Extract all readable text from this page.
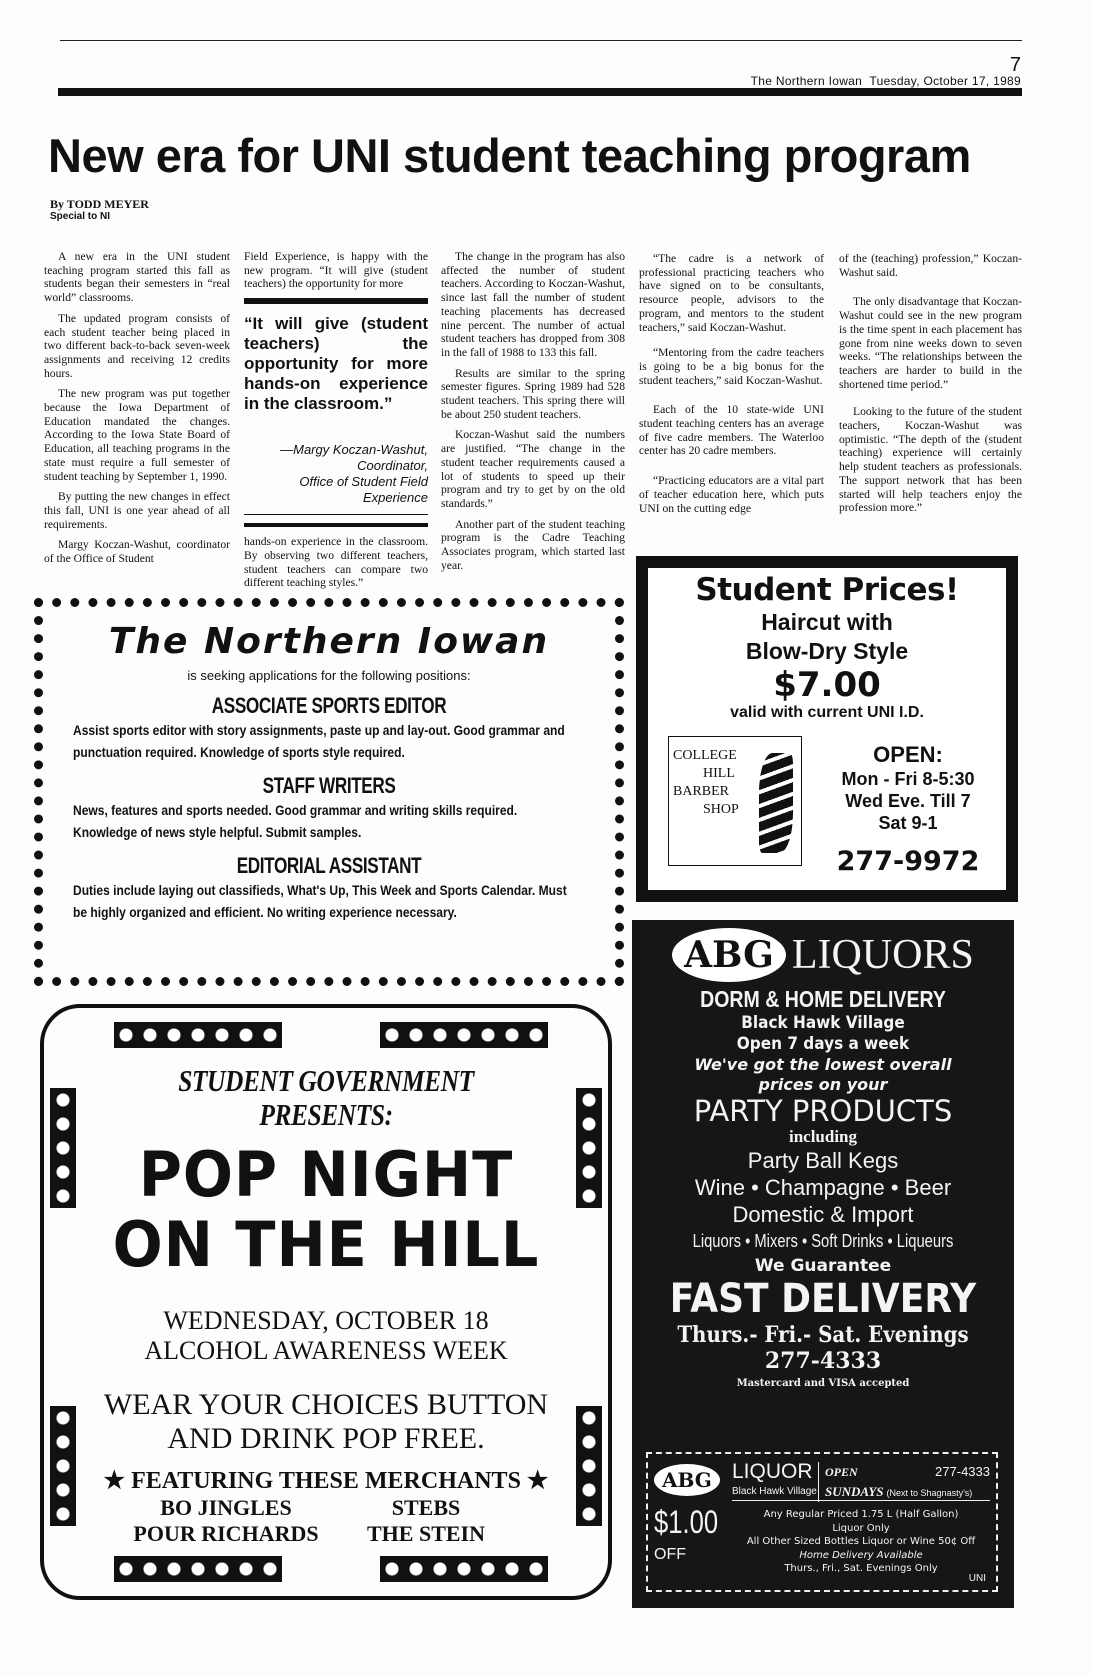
7
The Northern Iowan Tuesday, October 17, 1989
New era for UNI student teaching program
By TODD MEYER
Special to NI

A new era in the UNI student teaching program started this fall as students began their semesters in “real world” classrooms.

The updated program consists of each student teacher being placed in two different back-to-back seven-week assignments and receiving 12 credits hours.

The new program was put together because the Iowa Department of Education mandated the changes. According to the Iowa State Board of Education, all teaching programs in the state must require a full semester of student teaching by September 1, 1990.

By putting the new changes in effect this fall, UNI is one year ahead of all requirements.

Margy Koczan-Washut, coordinator of the Office of Student

Field Experience, is happy with the new program. “It will give (student teachers) the opportunity for more

“It will give (student teachers) the opportunity for more hands-on experience in the classroom.”
—Margy Koczan-Washut,
Coordinator,
Office of Student Field
Experience

hands-on experience in the classroom. By observing two different teachers, student teachers can compare two different teaching styles.”

The change in the program has also affected the number of student teachers. According to Koczan-Washut, since last fall the number of student teaching placements has decreased nine percent. The number of actual student teachers has dropped from 308 in the fall of 1988 to 133 this fall.

Results are similar to the spring semester figures. Spring 1989 had 528 student teachers. This spring there will be about 250 student teachers.

Koczan-Washut said the numbers are justified. “The change in the student teacher requirements caused a lot of students to speed up their program and try to get by on the old standards.”

Another part of the student teaching program is the Cadre Teaching Associates program, which started last year.

“The cadre is a network of professional practicing teachers who have signed on to be consultants, resource people, advisors to the program, and mentors to the student teachers,” said Koczan-Washut.

“Mentoring from the cadre teachers is going to be a big bonus for the student teachers,” said Koczan-Washut.

Each of the 10 state-wide UNI student teaching centers has an average of five cadre members. The Waterloo center has 20 cadre members.

“Practicing educators are a vital part of teacher education here, which puts UNI on the cutting edge

of the (teaching) profession,” Koczan-Washut said.

The only disadvantage that Koczan-Washut could see in the new program is the time spent in each placement has gone from nine weeks down to seven weeks. “The relationships between the teachers are harder to build in the shortened time period.”

Looking to the future of the student teachers, Koczan-Washut was optimistic. “The depth of the (student teaching) experience will certainly help student teachers as professionals. The support network that has been started will help teachers enjoy the profession more.”

The Northern Iowan
is seeking applications for the following positions:
ASSOCIATE SPORTS EDITOR
Assist sports editor with story assignments, paste up and lay-out. Good grammar and punctuation required. Knowledge of sports style required.
STAFF WRITERS
News, features and sports needed. Good grammar and writing skills required. Knowledge of news style helpful. Submit samples.
EDITORIAL ASSISTANT
Duties include laying out classifieds, What's Up, This Week and Sports Calendar. Must be highly organized and efficient. No writing experience necessary.
Student Prices!
Haircut with
Blow-Dry Style
$7.00
valid with current UNI I.D.
COLLEGE
HILL
BARBER
SHOP
OPEN:
Mon - Fri 8-5:30
Wed Eve. Till 7
Sat 9-1
277-9972
ABG LIQUORS
DORM & HOME DELIVERY
Black Hawk Village
Open 7 days a week
We've got the lowest overall
prices on your
PARTY PRODUCTS
including
Party Ball Kegs
Wine • Champagne • Beer
Domestic & Import
Liquors • Mixers • Soft Drinks • Liqueurs
We Guarantee
FAST DELIVERY
Thurs.- Fri.- Sat. Evenings
277-4333
Mastercard and VISA accepted
ABG LIQUOR
Black Hawk Village
OPEN
SUNDAYS (Next to Shagnasty's)
277-4333
$1.00
OFF
Any Regular Priced 1.75 L (Half Gallon)
Liquor Only
All Other Sized Bottles Liquor or Wine 50¢ Off
Home Delivery Available
Thurs., Fri., Sat. Evenings Only
UNI
STUDENT GOVERNMENT
PRESENTS:
POP NIGHT
ON THE HILL
WEDNESDAY, OCTOBER 18
ALCOHOL AWARENESS WEEK
WEAR YOUR CHOICES BUTTON
AND DRINK POP FREE.
★ FEATURING THESE MERCHANTS ★
BO JINGLES	STEBS
POUR RICHARDS	THE STEIN
